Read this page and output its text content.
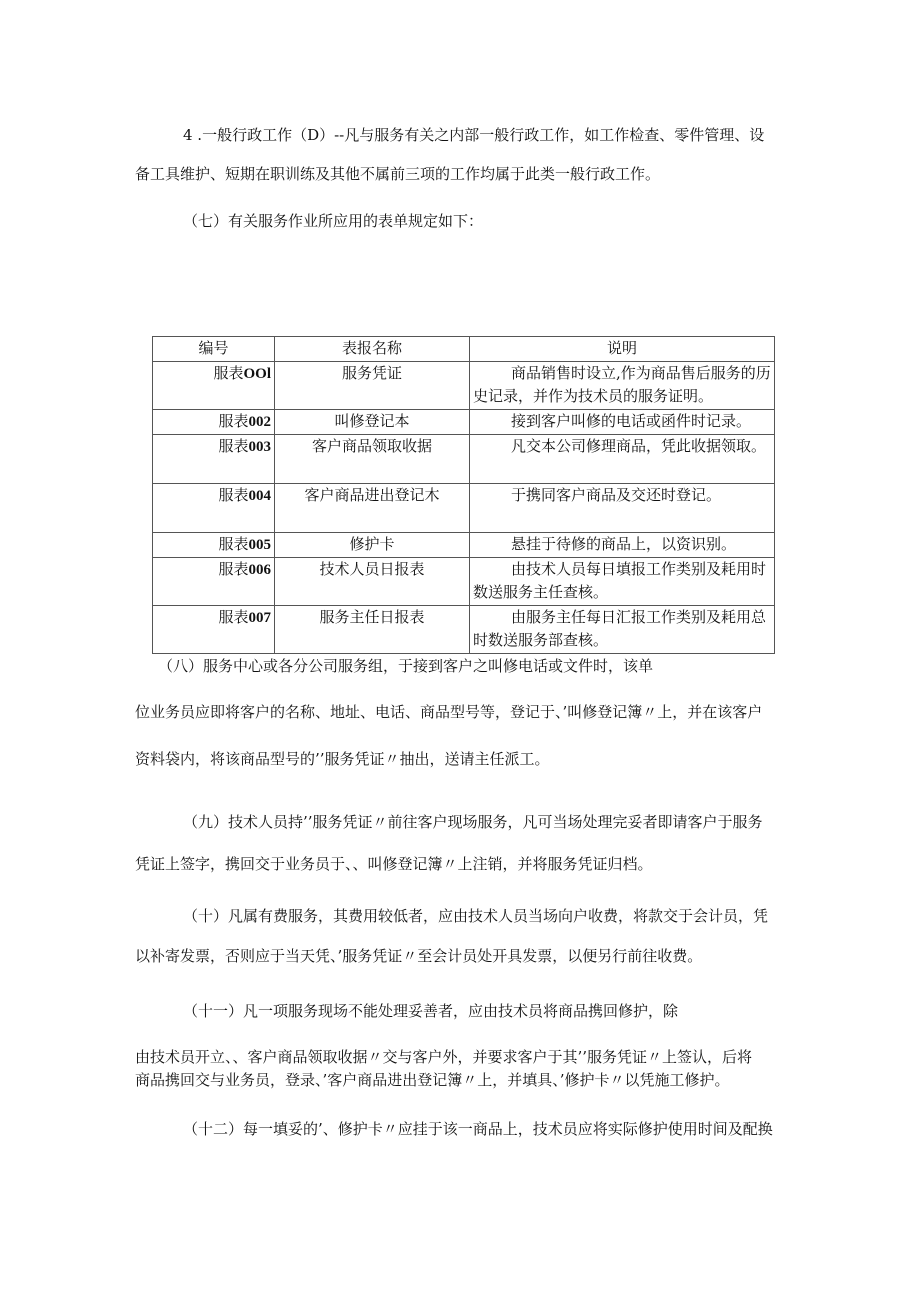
4 .一般行政工作（D）--凡与服务有关之内部一般行政工作，如工作检查、零件管理、设

备工具维护、短期在职训练及其他不属前三项的工作均属于此类一般行政工作。

（七）有关服务作业所应用的表单规定如下：

编号	表报名称	说明
服表OOl	服务凭证	商品销售时设立,作为商品售后服务的历史记录，并作为技术员的服务证明。
服表002	叫修登记本	接到客户叫修的电话或函件时记录。
服表003	客户商品领取收据	凡交本公司修理商品，凭此收据领取。
服表004	客户商品进出登记木	于携同客户商品及交还时登记。
服表005	修护卡	悬挂于待修的商品上，以资识别。
服表006	技术人员日报表	由技术人员每日填报工作类别及耗用时数送服务主任查核。
服表007	服务主任日报表	由服务主任每日汇报工作类别及耗用总时数送服务部查核。

（八）服务中心或各分公司服务组，于接到客户之叫修电话或文件时，该单

位业务员应即将客户的名称、地址、电话、商品型号等，登记于、’叫修登记簿〃上，并在该客户

资料袋内，将该商品型号的’’服务凭证〃抽出，送请主任派工。

（九）技术人员持’’服务凭证〃前往客户现场服务，凡可当场处理完妥者即请客户于服务

凭证上签字，携回交于业务员于、、叫修登记簿〃上注销，并将服务凭证归档。

（十）凡属有费服务，其费用较低者，应由技术人员当场向户收费，将款交于会计员，凭

以补寄发票，否则应于当天凭、’服务凭证〃至会计员处开具发票，以便另行前往收费。

（十一）凡一项服务现场不能处理妥善者，应由技术员将商品携回修护，除

由技术员开立、、客户商品领取收据〃交与客户外，并要求客户于其’’服务凭证〃上签认，后将

商品携回交与业务员，登录、’客户商品进出登记簿〃上，并填具、’修护卡〃以凭施工修护。

（十二）每一填妥的’、修护卡〃应挂于该一商品上，技术员应将实际修护使用时间及配换
